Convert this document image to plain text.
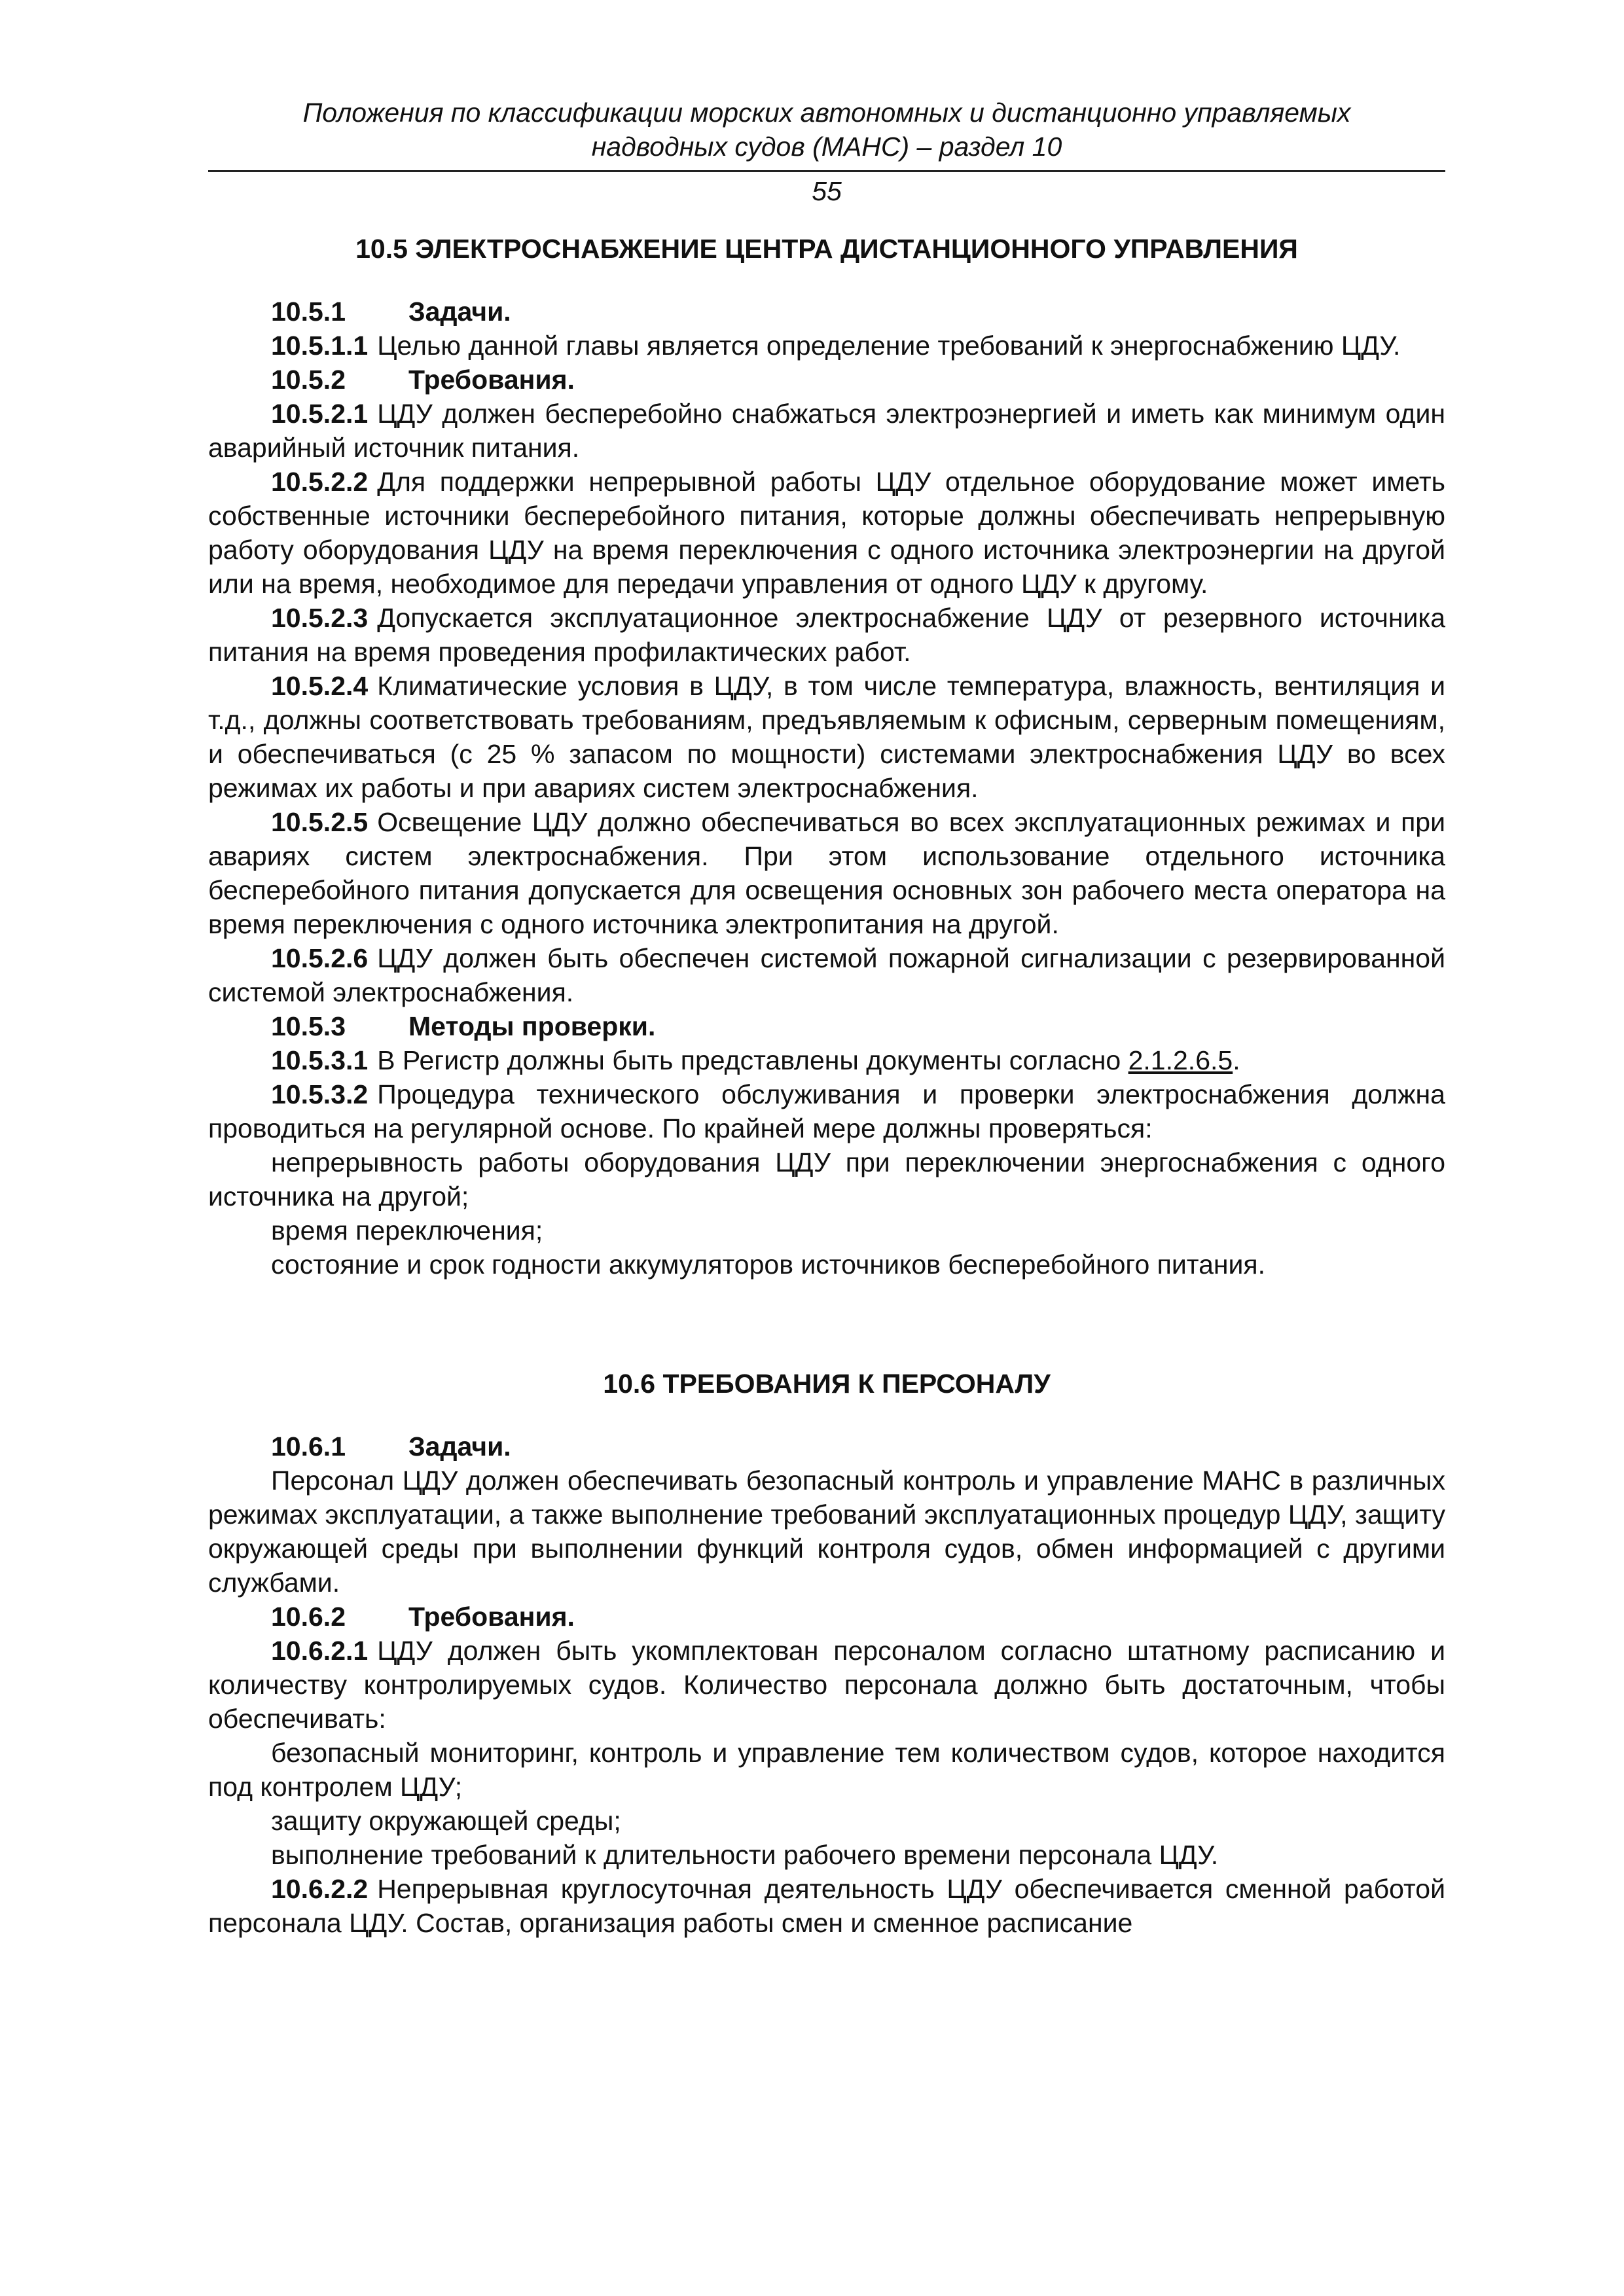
Положения по классификации морских автономных и дистанционно управляемых
надводных судов (МАНС) – раздел 10
55
10.5 ЭЛЕКТРОСНАБЖЕНИЕ ЦЕНТРА ДИСТАНЦИОННОГО УПРАВЛЕНИЯ
10.5.1 Задачи.

10.5.1.1 Целью данной главы является определение требований к энергоснабжению ЦДУ.

10.5.2 Требования.

10.5.2.1 ЦДУ должен бесперебойно снабжаться электроэнергией и иметь как минимум один аварийный источник питания.

10.5.2.2 Для поддержки непрерывной работы ЦДУ отдельное оборудование может иметь собственные источники бесперебойного питания, которые должны обеспечивать непрерывную работу оборудования ЦДУ на время переключения с одного источника электроэнергии на другой или на время, необходимое для передачи управления от одного ЦДУ к другому.

10.5.2.3 Допускается эксплуатационное электроснабжение ЦДУ от резервного источника питания на время проведения профилактических работ.

10.5.2.4 Климатические условия в ЦДУ, в том числе температура, влажность, вентиляция и т.д., должны соответствовать требованиям, предъявляемым к офисным, серверным помещениям, и обеспечиваться (с 25 % запасом по мощности) системами электроснабжения ЦДУ во всех режимах их работы и при авариях систем электроснабжения.

10.5.2.5 Освещение ЦДУ должно обеспечиваться во всех эксплуатационных режимах и при авариях систем электроснабжения. При этом использование отдельного источника бесперебойного питания допускается для освещения основных зон рабочего места оператора на время переключения с одного источника электропитания на другой.

10.5.2.6 ЦДУ должен быть обеспечен системой пожарной сигнализации с резервированной системой электроснабжения.

10.5.3 Методы проверки.

10.5.3.1 В Регистр должны быть представлены документы согласно 2.1.2.6.5.

10.5.3.2 Процедура технического обслуживания и проверки электроснабжения должна проводиться на регулярной основе. По крайней мере должны проверяться:

непрерывность работы оборудования ЦДУ при переключении энергоснабжения с одного источника на другой;

время переключения;

состояние и срок годности аккумуляторов источников бесперебойного питания.

10.6 ТРЕБОВАНИЯ К ПЕРСОНАЛУ
10.6.1 Задачи.

Персонал ЦДУ должен обеспечивать безопасный контроль и управление МАНС в различных режимах эксплуатации, а также выполнение требований эксплуатационных процедур ЦДУ, защиту окружающей среды при выполнении функций контроля судов, обмен информацией с другими службами.

10.6.2 Требования.

10.6.2.1 ЦДУ должен быть укомплектован персоналом согласно штатному расписанию и количеству контролируемых судов. Количество персонала должно быть достаточным, чтобы обеспечивать:

безопасный мониторинг, контроль и управление тем количеством судов, которое находится под контролем ЦДУ;

защиту окружающей среды;

выполнение требований к длительности рабочего времени персонала ЦДУ.

10.6.2.2 Непрерывная круглосуточная деятельность ЦДУ обеспечивается сменной работой персонала ЦДУ. Состав, организация работы смен и сменное расписание
